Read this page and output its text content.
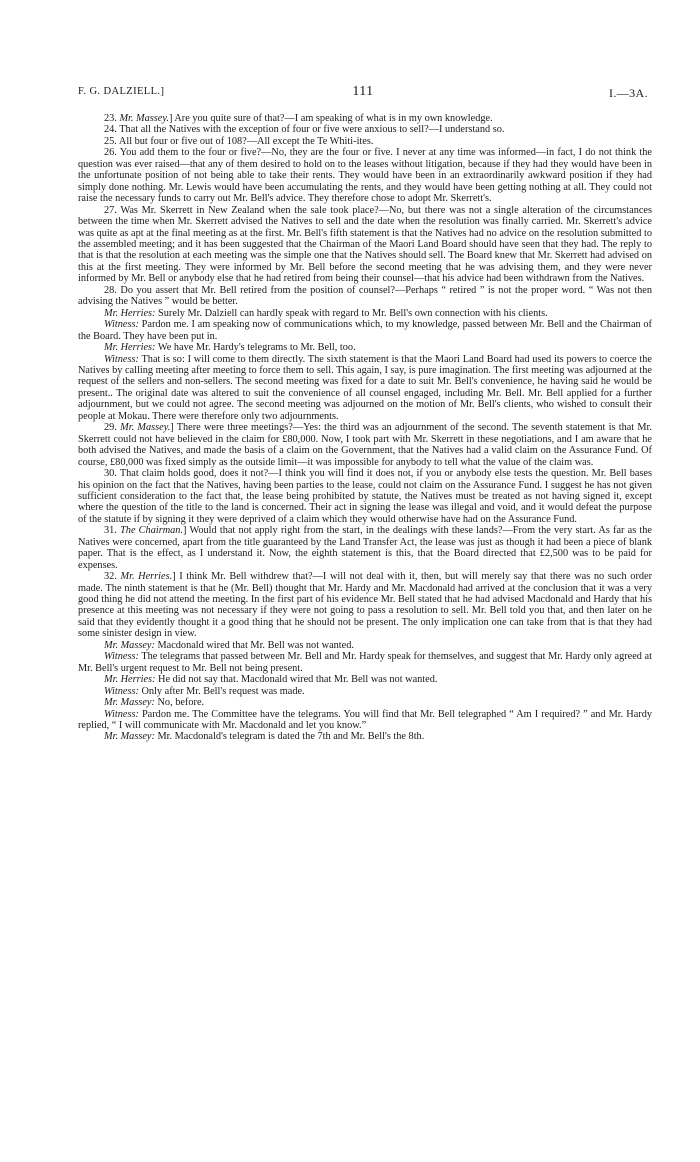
F. G. DALZIELL.]	111	I.—3A.

23. Mr. Massey.] Are you quite sure of that?—I am speaking of what is in my own knowledge.

24. That all the Natives with the exception of four or five were anxious to sell?—I understand so.

25. All but four or five out of 108?—All except the Te Whiti-ites.

26. You add them to the four or five?—No, they are the four or five. I never at any time was informed—in fact, I do not think the question was ever raised—that any of them desired to hold on to the leases without litigation, because if they had they would have been in the unfortunate position of not being able to take their rents. They would have been in an extraordinarily awkward position if they had simply done nothing. Mr. Lewis would have been accumulating the rents, and they would have been getting nothing at all. They could not raise the necessary funds to carry out Mr. Bell's advice. They therefore chose to adopt Mr. Skerrett's.

27. Was Mr. Skerrett in New Zealand when the sale took place?—No, but there was not a single alteration of the circumstances between the time when Mr. Skerrett advised the Natives to sell and the date when the resolution was finally carried. Mr. Skerrett's advice was quite as apt at the final meeting as at the first. Mr. Bell's fifth statement is that the Natives had no advice on the resolution submitted to the assembled meeting; and it has been suggested that the Chairman of the Maori Land Board should have seen that they had. The reply to that is that the resolution at each meeting was the simple one that the Natives should sell. The Board knew that Mr. Skerrett had advised on this at the first meeting. They were informed by Mr. Bell before the second meeting that he was advising them, and they were never informed by Mr. Bell or anybody else that he had retired from being their counsel—that his advice had been withdrawn from the Natives.

28. Do you assert that Mr. Bell retired from the position of counsel?—Perhaps “ retired ” is not the proper word. “ Was not then advising the Natives ” would be better.

Mr. Herries: Surely Mr. Dalziell can hardly speak with regard to Mr. Bell's own connection with his clients.

Witness: Pardon me. I am speaking now of communications which, to my knowledge, passed between Mr. Bell and the Chairman of the Board. They have been put in.

Mr. Herries: We have Mr. Hardy's telegrams to Mr. Bell, too.

Witness: That is so: I will come to them directly. The sixth statement is that the Maori Land Board had used its powers to coerce the Natives by calling meeting after meeting to force them to sell. This again, I say, is pure imagination. The first meeting was adjourned at the request of the sellers and non-sellers. The second meeting was fixed for a date to suit Mr. Bell's convenience, he having said he would be present.. The original date was altered to suit the convenience of all counsel engaged, including Mr. Bell. Mr. Bell applied for a further adjournment, but we could not agree. The second meeting was adjourned on the motion of Mr. Bell's clients, who wished to consult their people at Mokau. There were therefore only two adjournments.

29. Mr. Massey.] There were three meetings?—Yes: the third was an adjournment of the second. The seventh statement is that Mr. Skerrett could not have believed in the claim for £80,000. Now, I took part with Mr. Skerrett in these negotiations, and I am aware that he both advised the Natives, and made the basis of a claim on the Government, that the Natives had a valid claim on the Assurance Fund. Of course, £80,000 was fixed simply as the outside limit—it was impossible for anybody to tell what the value of the claim was.

30. That claim holds good, does it not?—I think you will find it does not, if you or anybody else tests the question. Mr. Bell bases his opinion on the fact that the Natives, having been parties to the lease, could not claim on the Assurance Fund. I suggest he has not given sufficient consideration to the fact that, the lease being prohibited by statute, the Natives must be treated as not having signed it, except where the question of the title to the land is concerned. Their act in signing the lease was illegal and void, and it would defeat the purpose of the statute if by signing it they were deprived of a claim which they would otherwise have had on the Assurance Fund.

31. The Chairman.] Would that not apply right from the start, in the dealings with these lands?—From the very start. As far as the Natives were concerned, apart from the title guaranteed by the Land Transfer Act, the lease was just as though it had been a piece of blank paper. That is the effect, as I understand it. Now, the eighth statement is this, that the Board directed that £2,500 was to be paid for expenses.

32. Mr. Herries.] I think Mr. Bell withdrew that?—I will not deal with it, then, but will merely say that there was no such order made. The ninth statement is that he (Mr. Bell) thought that Mr. Hardy and Mr. Macdonald had arrived at the conclusion that it was a very good thing he did not attend the meeting. In the first part of his evidence Mr. Bell stated that he had advised Macdonald and Hardy that his presence at this meeting was not necessary if they were not going to pass a resolution to sell. Mr. Bell told you that, and then later on he said that they evidently thought it a good thing that he should not be present. The only implication one can take from that is that they had some sinister design in view.

Mr. Massey: Macdonald wired that Mr. Bell was not wanted.

Witness: The telegrams that passed between Mr. Bell and Mr. Hardy speak for themselves, and suggest that Mr. Hardy only agreed at Mr. Bell's urgent request to Mr. Bell not being present.

Mr. Herries: He did not say that. Macdonald wired that Mr. Bell was not wanted.

Witness: Only after Mr. Bell's request was made.

Mr. Massey: No, before.

Witness: Pardon me. The Committee have the telegrams. You will find that Mr. Bell telegraphed “ Am I required? ” and Mr. Hardy replied, “ I will communicate with Mr. Macdonald and let you know.”

Mr. Massey: Mr. Macdonald's telegram is dated the 7th and Mr. Bell's the 8th.
